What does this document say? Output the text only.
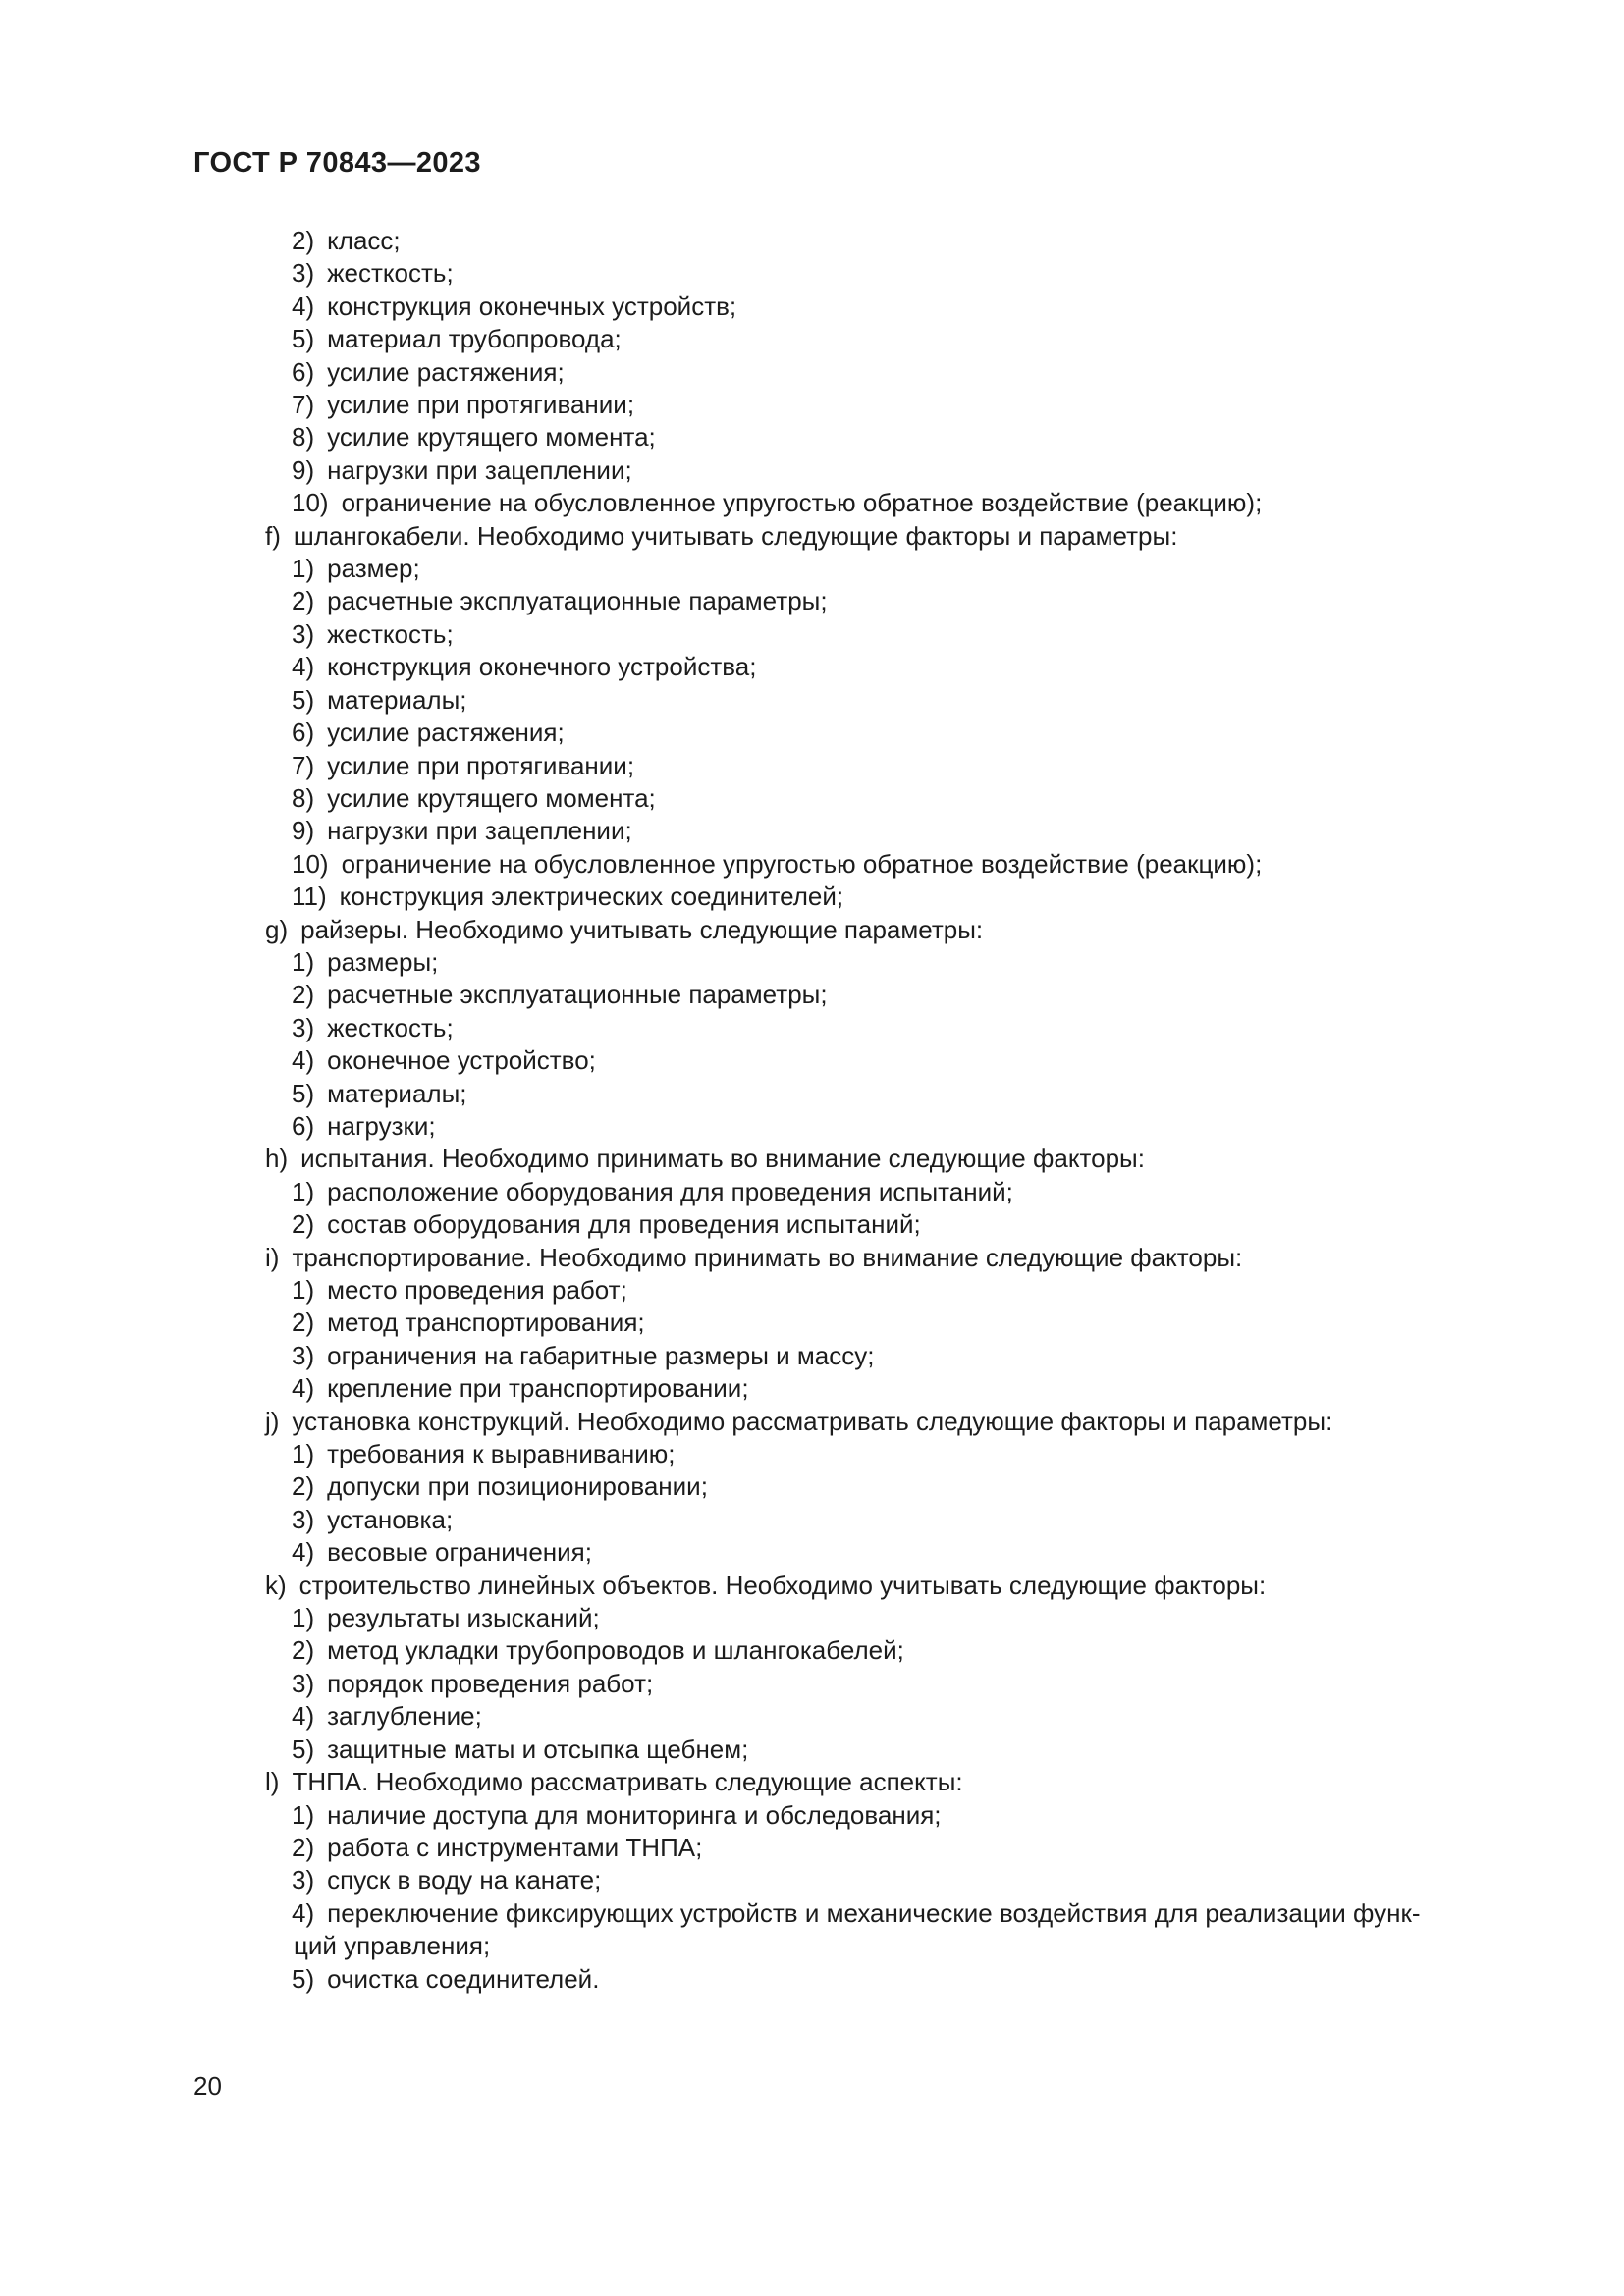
ГОСТ Р 70843—2023
2) класс;
3) жесткость;
4) конструкция оконечных устройств;
5) материал трубопровода;
6) усилие растяжения;
7) усилие при протягивании;
8) усилие крутящего момента;
9) нагрузки при зацеплении;
10) ограничение на обусловленное упругостью обратное воздействие (реакцию);
f) шлангокабели. Необходимо учитывать следующие факторы и параметры:
1) размер;
2) расчетные эксплуатационные параметры;
3) жесткость;
4) конструкция оконечного устройства;
5) материалы;
6) усилие растяжения;
7) усилие при протягивании;
8) усилие крутящего момента;
9) нагрузки при зацеплении;
10) ограничение на обусловленное упругостью обратное воздействие (реакцию);
11) конструкция электрических соединителей;
g) райзеры. Необходимо учитывать следующие параметры:
1) размеры;
2) расчетные эксплуатационные параметры;
3) жесткость;
4) оконечное устройство;
5) материалы;
6) нагрузки;
h) испытания. Необходимо принимать во внимание следующие факторы:
1) расположение оборудования для проведения испытаний;
2) состав оборудования для проведения испытаний;
i) транспортирование. Необходимо принимать во внимание следующие факторы:
1) место проведения работ;
2) метод транспортирования;
3) ограничения на габаритные размеры и массу;
4) крепление при транспортировании;
j) установка конструкций. Необходимо рассматривать следующие факторы и параметры:
1) требования к выравниванию;
2) допуски при позиционировании;
3) установка;
4) весовые ограничения;
k) строительство линейных объектов. Необходимо учитывать следующие факторы:
1) результаты изысканий;
2) метод укладки трубопроводов и шлангокабелей;
3) порядок проведения работ;
4) заглубление;
5) защитные маты и отсыпка щебнем;
l) ТНПА. Необходимо рассматривать следующие аспекты:
1) наличие доступа для мониторинга и обследования;
2) работа с инструментами ТНПА;
3) спуск в воду на канате;
4) переключение фиксирующих устройств и механические воздействия для реализации функ-
ций управления;
5) очистка соединителей.
20
